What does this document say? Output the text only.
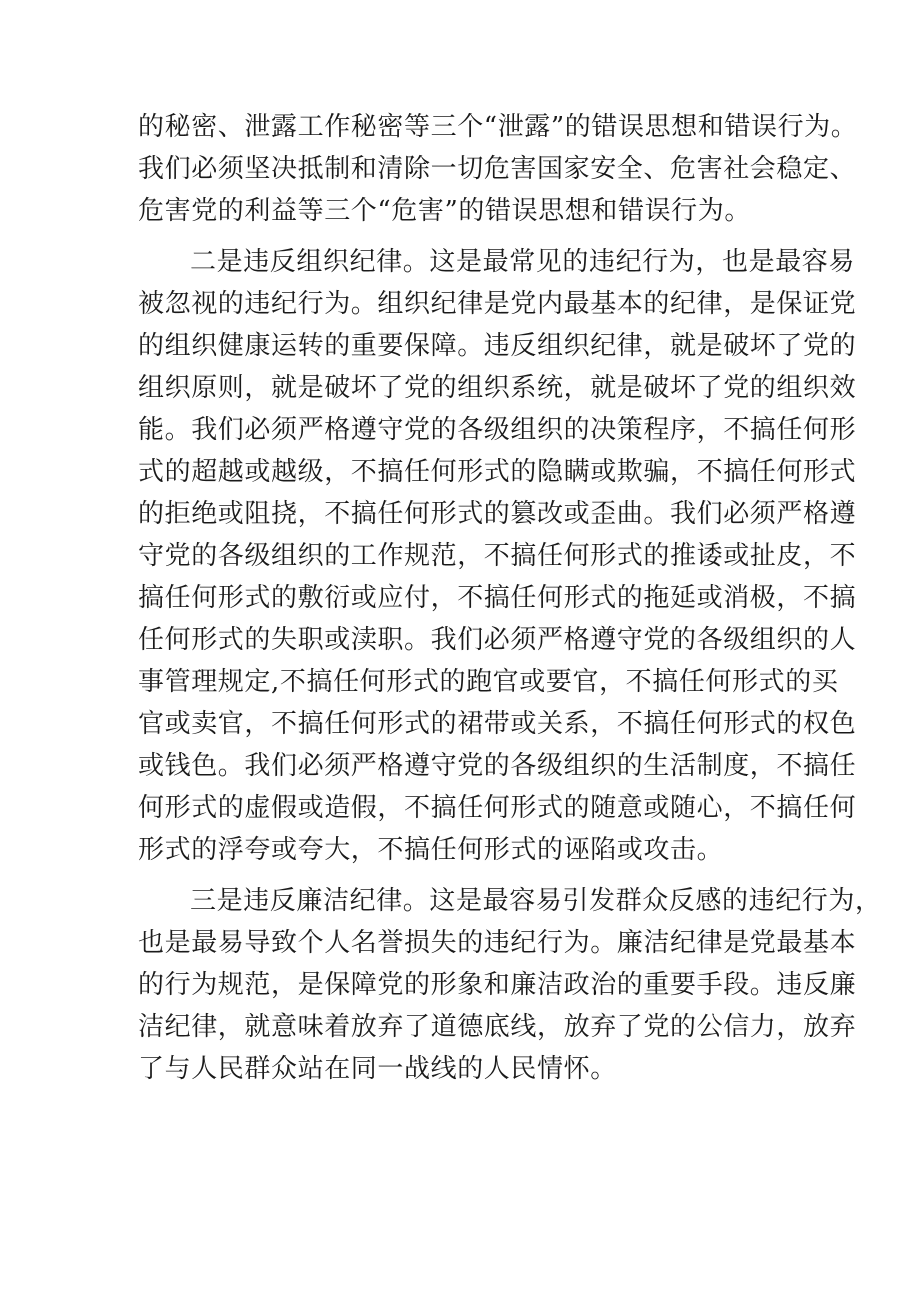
的秘密、泄露工作秘密等三个“泄露”的错误思想和错误行为。
我们必须坚决抵制和清除一切危害国家安全、危害社会稳定、
危害党的利益等三个“危害”的错误思想和错误行为。

二是违反组织纪律。这是最常见的违纪行为，也是最容易
被忽视的违纪行为。组织纪律是党内最基本的纪律，是保证党
的组织健康运转的重要保障。违反组织纪律，就是破坏了党的
组织原则，就是破坏了党的组织系统，就是破坏了党的组织效
能。我们必须严格遵守党的各级组织的决策程序，不搞任何形
式的超越或越级，不搞任何形式的隐瞒或欺骗，不搞任何形式
的拒绝或阻挠，不搞任何形式的篡改或歪曲。我们必须严格遵
守党的各级组织的工作规范，不搞任何形式的推诿或扯皮，不
搞任何形式的敷衍或应付，不搞任何形式的拖延或消极，不搞
任何形式的失职或渎职。我们必须严格遵守党的各级组织的人
事管理规定,不搞任何形式的跑官或要官，不搞任何形式的买
官或卖官，不搞任何形式的裙带或关系，不搞任何形式的权色
或钱色。我们必须严格遵守党的各级组织的生活制度，不搞任
何形式的虚假或造假，不搞任何形式的随意或随心，不搞任何
形式的浮夸或夸大，不搞任何形式的诬陷或攻击。

三是违反廉洁纪律。这是最容易引发群众反感的违纪行为，
也是最易导致个人名誉损失的违纪行为。廉洁纪律是党最基本
的行为规范，是保障党的形象和廉洁政治的重要手段。违反廉
洁纪律，就意味着放弃了道德底线，放弃了党的公信力，放弃
了与人民群众站在同一战线的人民情怀。
